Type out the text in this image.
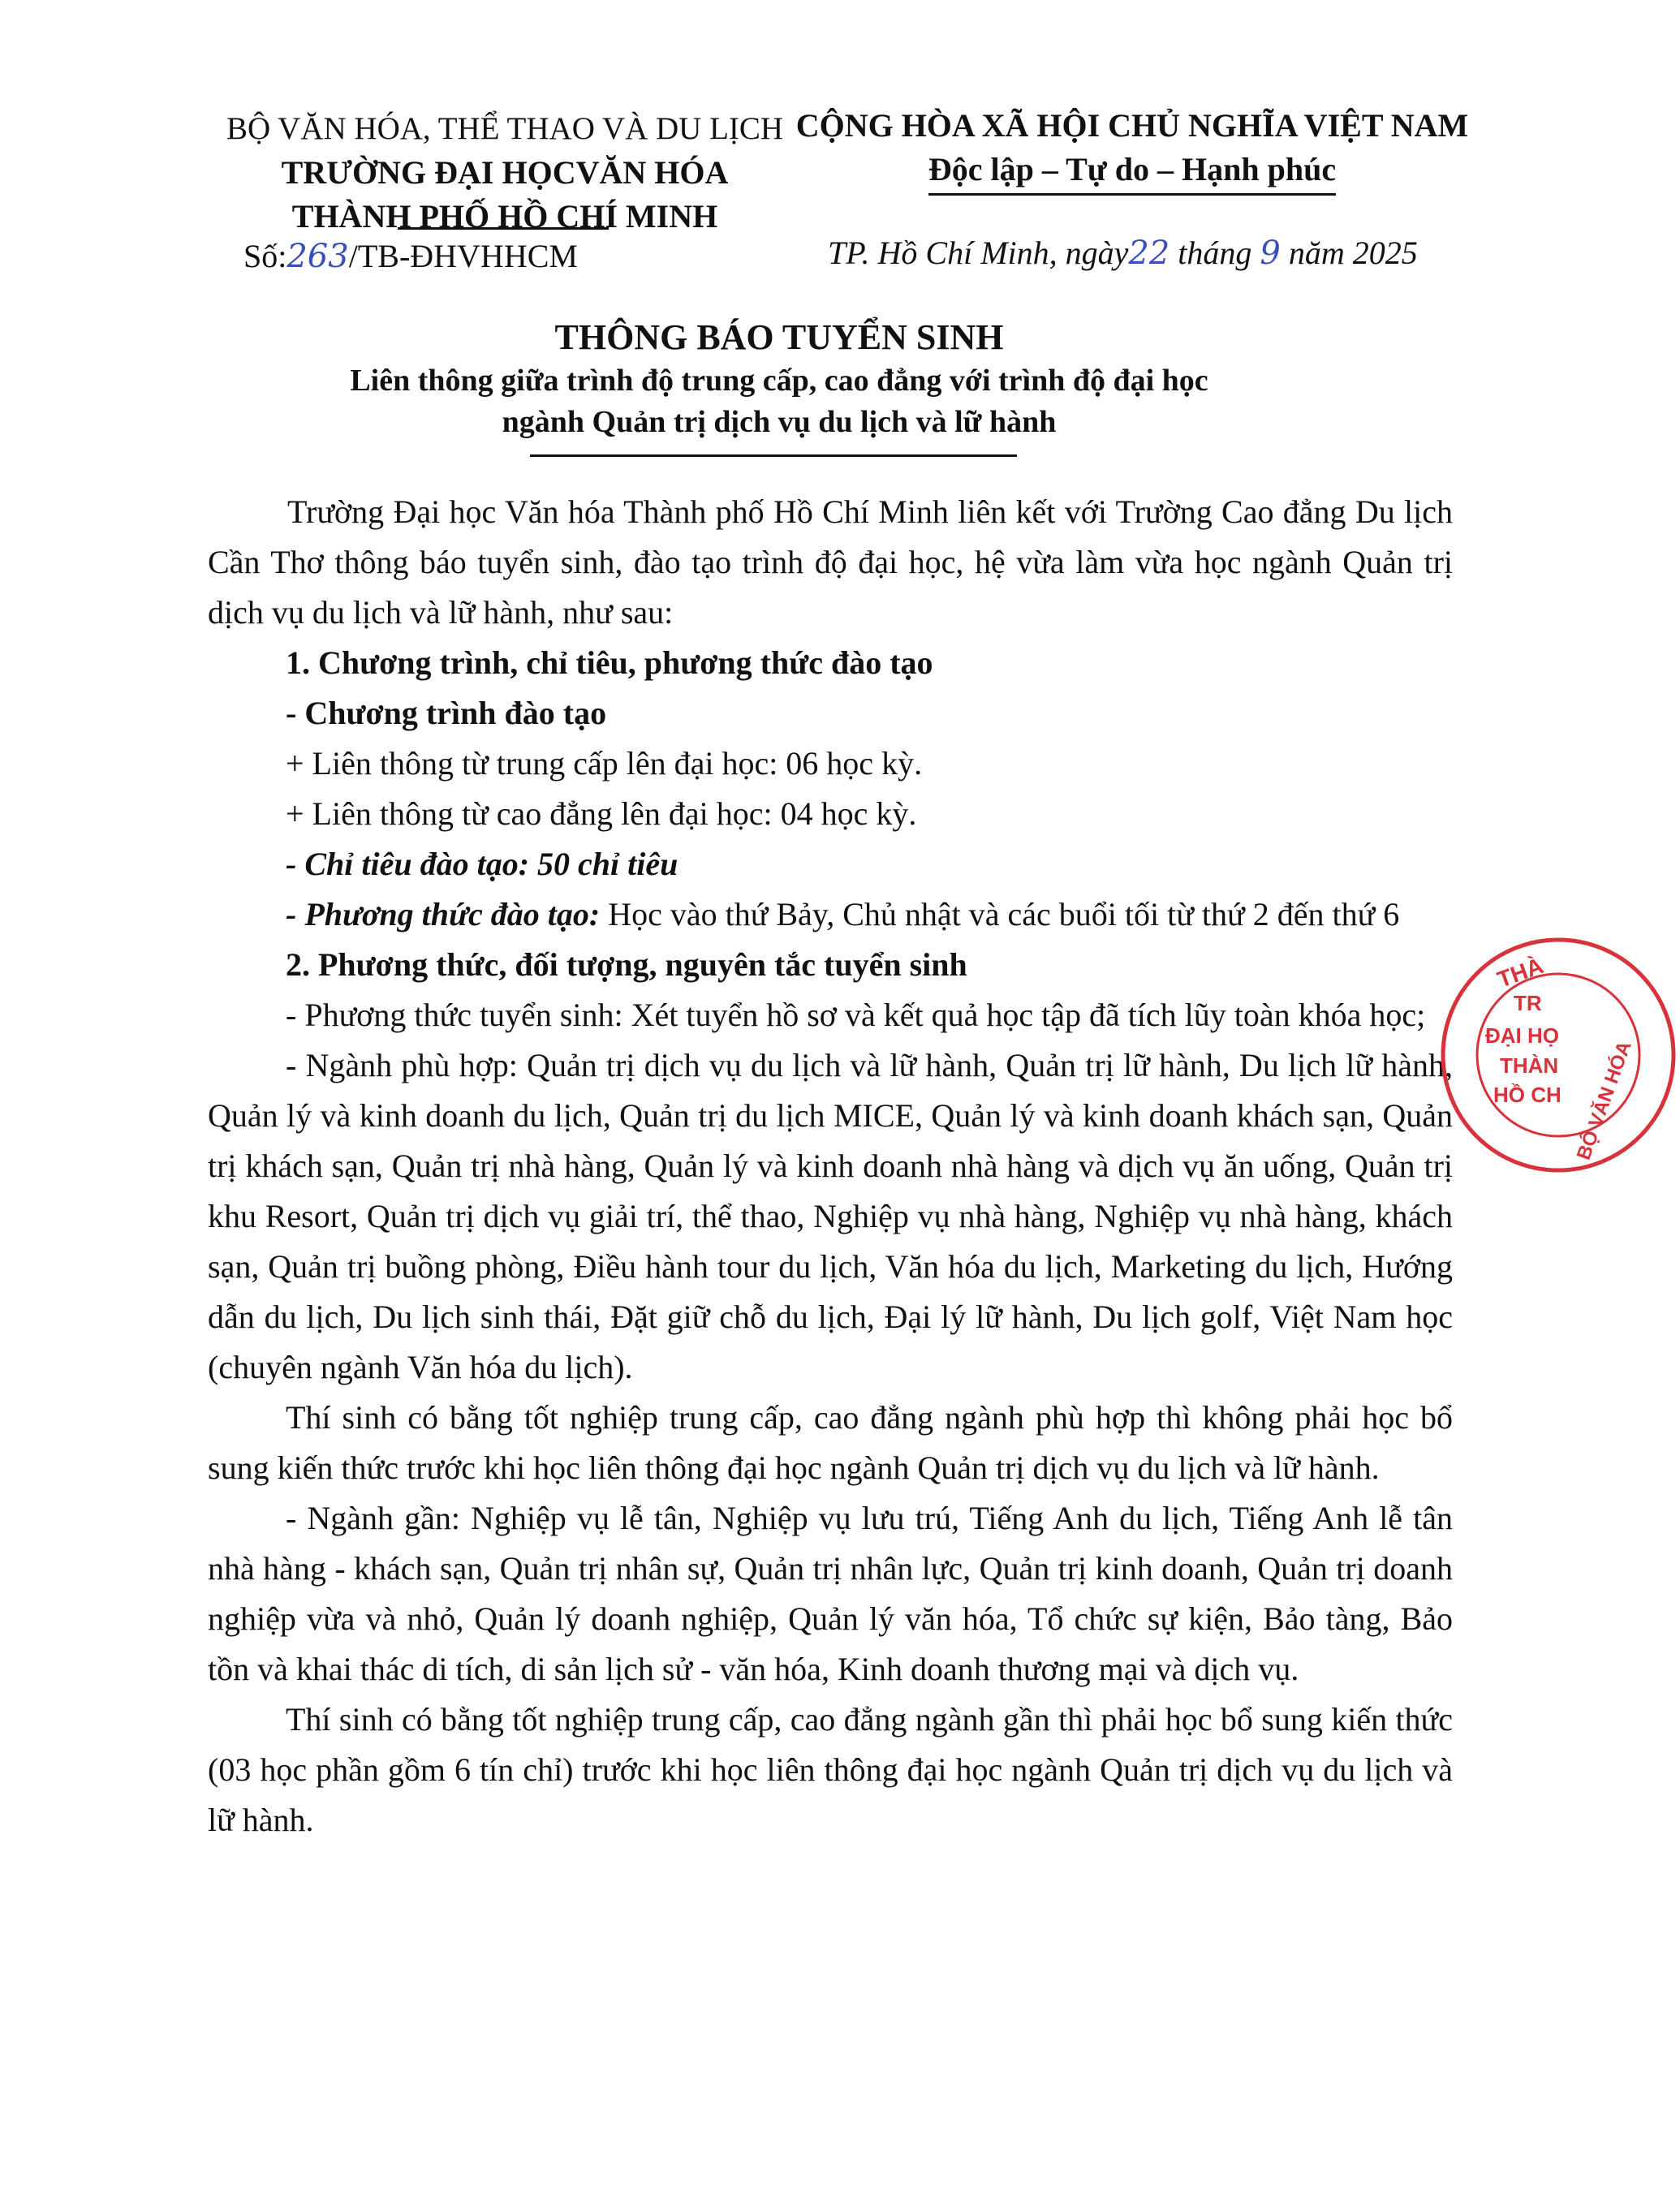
BỘ VĂN HÓA, THỂ THAO VÀ DU LỊCH
TRƯỜNG ĐẠI HỌCVĂN HÓA
THÀNH PHỐ HỒ CHÍ MINH
CỘNG HÒA XÃ HỘI CHỦ NGHĨA VIỆT NAM
Độc lập – Tự do – Hạnh phúc
Số:263/TB-ĐHVHHCM	TP. Hồ Chí Minh, ngày22 tháng 9 năm 2025
THÔNG BÁO TUYỂN SINH
Liên thông giữa trình độ trung cấp, cao đẳng với trình độ đại học
ngành Quản trị dịch vụ du lịch và lữ hành

Trường Đại học Văn hóa Thành phố Hồ Chí Minh liên kết với Trường Cao đẳng Du lịch Cần Thơ thông báo tuyển sinh, đào tạo trình độ đại học, hệ vừa làm vừa học ngành Quản trị dịch vụ du lịch và lữ hành, như sau:

1. Chương trình, chỉ tiêu, phương thức đào tạo

- Chương trình đào tạo

+ Liên thông từ trung cấp lên đại học: 06 học kỳ.

+ Liên thông từ cao đẳng lên đại học: 04 học kỳ.

- Chỉ tiêu đào tạo: 50 chỉ tiêu

- Phương thức đào tạo: Học vào thứ Bảy, Chủ nhật và các buổi tối từ thứ 2 đến thứ 6

2. Phương thức, đối tượng, nguyên tắc tuyển sinh

- Phương thức tuyển sinh: Xét tuyển hồ sơ và kết quả học tập đã tích lũy toàn khóa học;

- Ngành phù hợp: Quản trị dịch vụ du lịch và lữ hành, Quản trị lữ hành, Du lịch lữ hành, Quản lý và kinh doanh du lịch, Quản trị du lịch MICE, Quản lý và kinh doanh khách sạn, Quản trị khách sạn, Quản trị nhà hàng, Quản lý và kinh doanh nhà hàng và dịch vụ ăn uống, Quản trị khu Resort, Quản trị dịch vụ giải trí, thể thao, Nghiệp vụ nhà hàng, Nghiệp vụ nhà hàng, khách sạn, Quản trị buồng phòng, Điều hành tour du lịch, Văn hóa du lịch, Marketing du lịch, Hướng dẫn du lịch, Du lịch sinh thái, Đặt giữ chỗ du lịch, Đại lý lữ hành, Du lịch golf, Việt Nam học (chuyên ngành Văn hóa du lịch).

Thí sinh có bằng tốt nghiệp trung cấp, cao đẳng ngành phù hợp thì không phải học bổ sung kiến thức trước khi học liên thông đại học ngành Quản trị dịch vụ du lịch và lữ hành.

- Ngành gần: Nghiệp vụ lễ tân, Nghiệp vụ lưu trú, Tiếng Anh du lịch, Tiếng Anh lễ tân nhà hàng - khách sạn, Quản trị nhân sự, Quản trị nhân lực, Quản trị kinh doanh, Quản trị doanh nghiệp vừa và nhỏ, Quản lý doanh nghiệp, Quản lý văn hóa, Tổ chức sự kiện, Bảo tàng, Bảo tồn và khai thác di tích, di sản lịch sử - văn hóa, Kinh doanh thương mại và dịch vụ.

Thí sinh có bằng tốt nghiệp trung cấp, cao đẳng ngành gần thì phải học bổ sung kiến thức (03 học phần gồm 6 tín chỉ) trước khi học liên thông đại học ngành Quản trị dịch vụ du lịch và lữ hành.

THÀ
BỘ VĂN HÓA
TR
ĐẠI HỌ
THÀN
HỒ CH
